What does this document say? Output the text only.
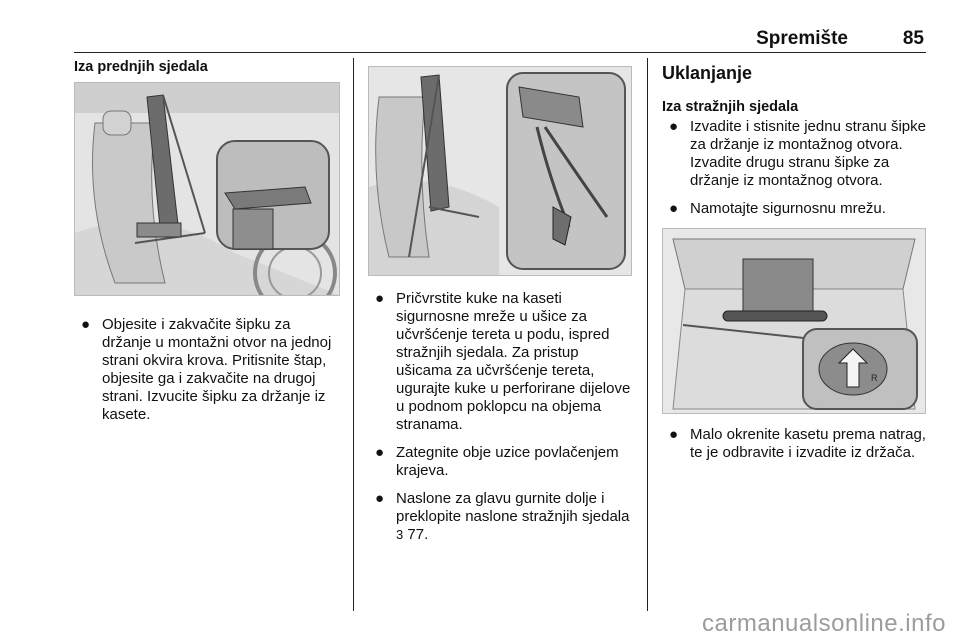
Spremište	85

Iza prednjih sjedala

● Objesite i zakvačite šipku za držanje u montažni otvor na jednoj strani okvira krova. Pritisnite štap, objesite ga i zakvačite na drugoj strani. Izvucite šipku za držanje iz kasete.
● Pričvrstite kuke na kaseti sigurnosne mreže u ušice za učvršćenje tereta u podu, ispred stražnjih sjedala. Za pristup ušicama za učvršćenje tereta, ugurajte kuke u perforirane dijelove u podnom poklopcu na objema stranama.
● Zategnite obje uzice povlačenjem krajeva.
● Naslone za glavu gurnite dolje i preklopite naslone stražnjih sjedala 3 77.

Uklanjanje

Iza stražnjih sjedala

● Izvadite i stisnite jednu stranu šipke za držanje iz montažnog otvora. Izvadite drugu stranu šipke za držanje iz montažnog otvora.
● Namotajte sigurnosnu mrežu.
R
● Malo okrenite kasetu prema natrag, te je odbravite i izvadite iz držača.
carmanualsonline.info
